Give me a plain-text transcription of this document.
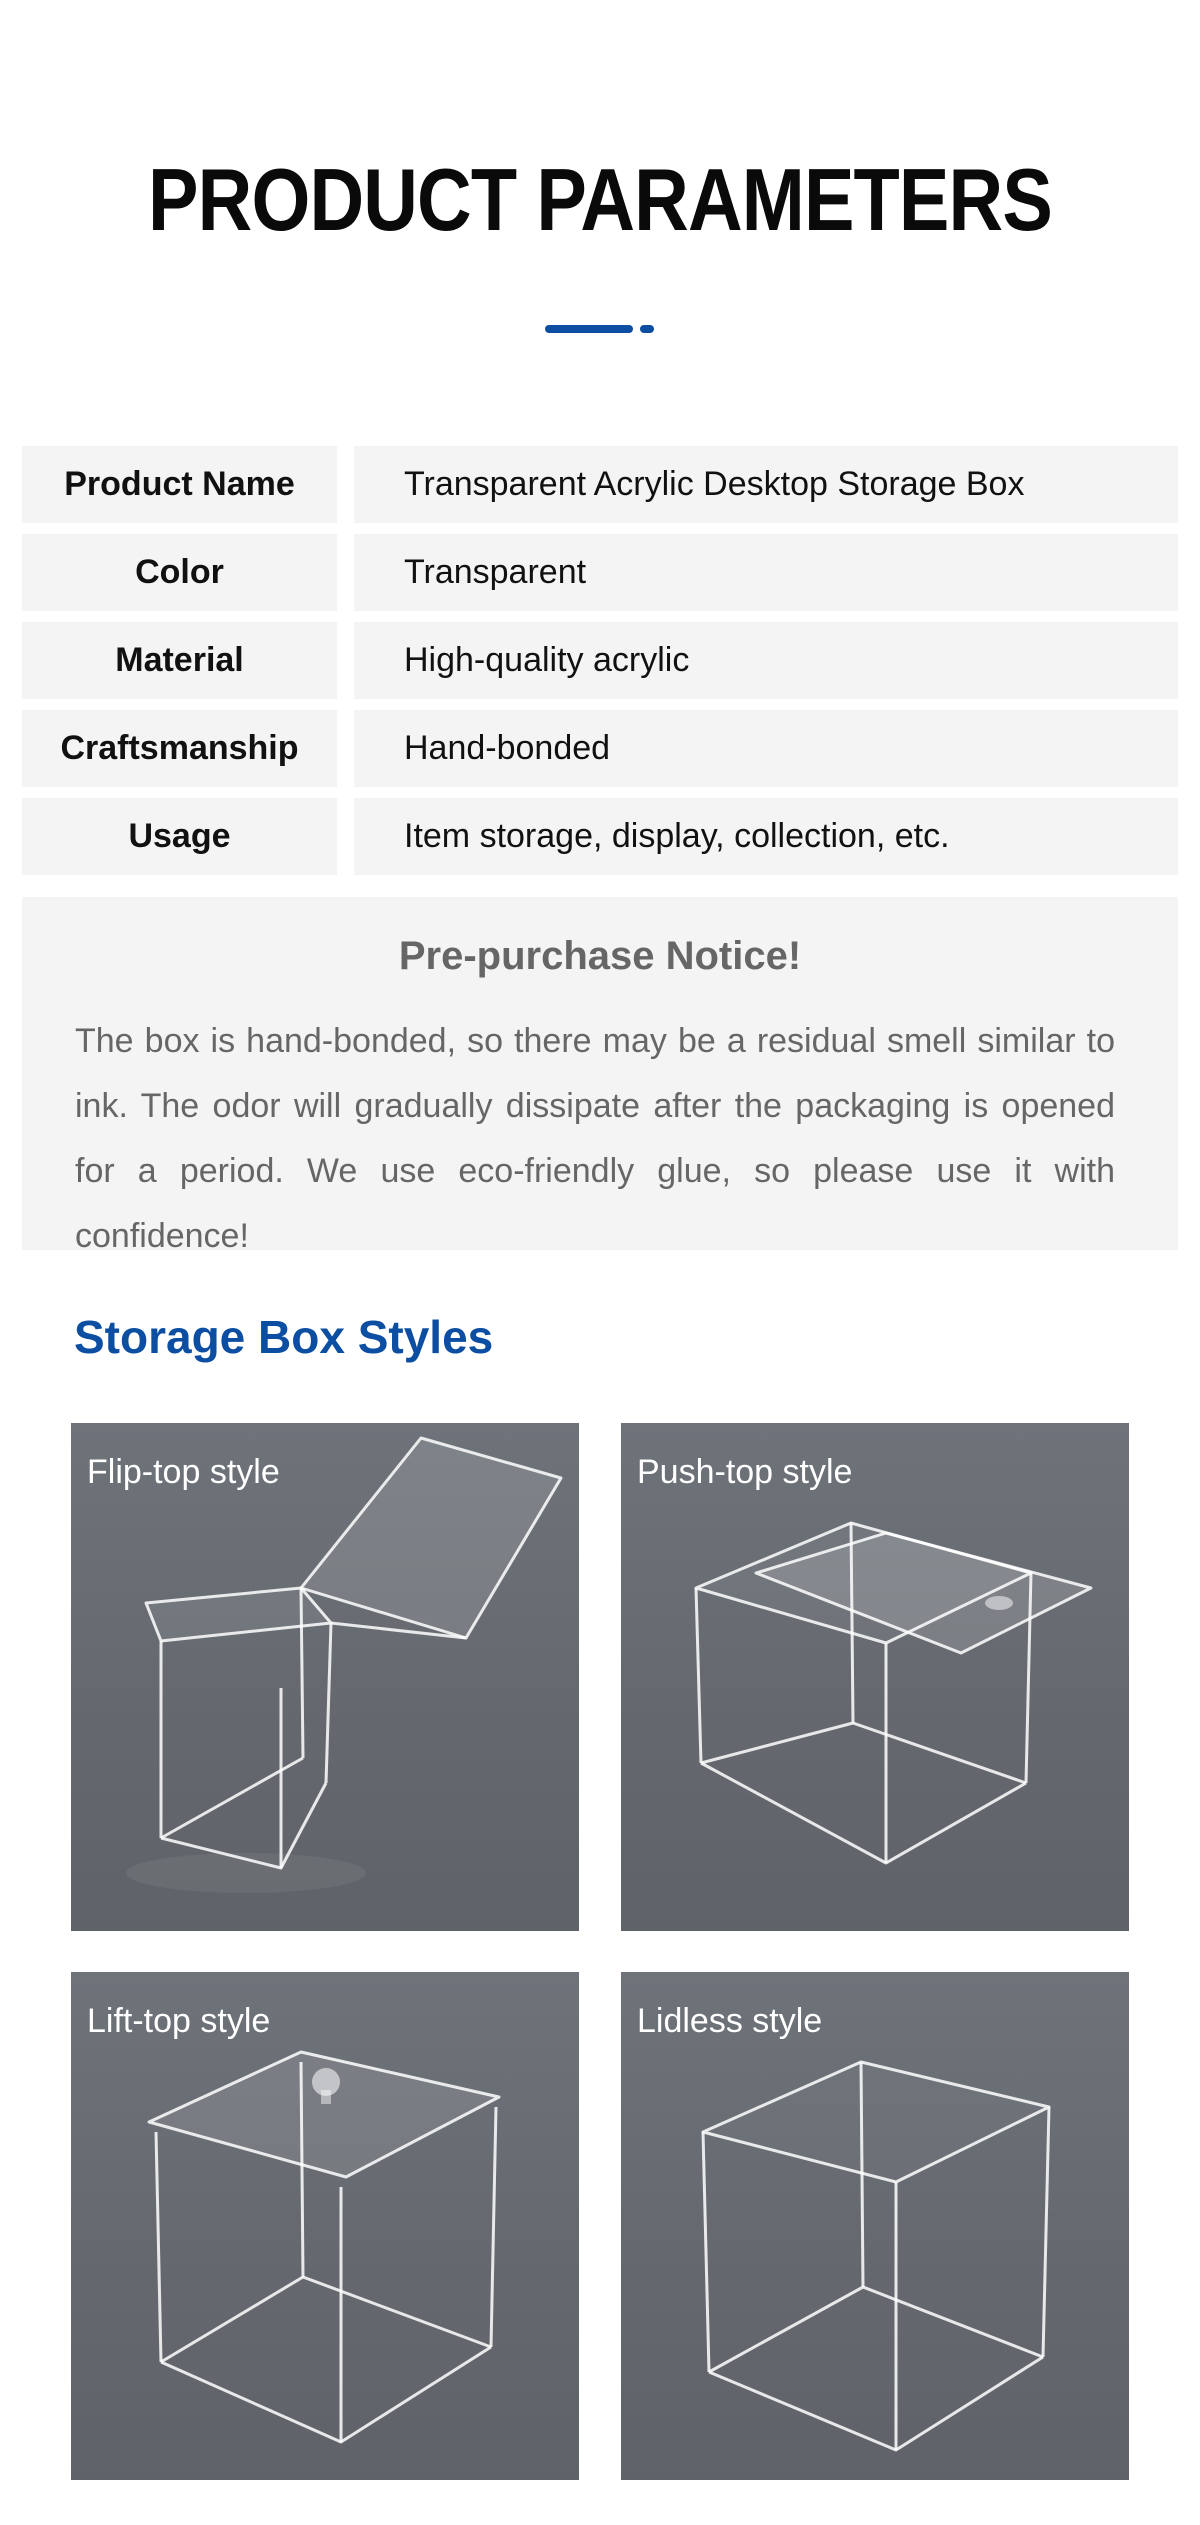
PRODUCT PARAMETERS
Product Name	Transparent Acrylic Desktop Storage Box
Color	Transparent
Material	High-quality acrylic
Craftsmanship	Hand-bonded
Usage	Item storage, display, collection, etc.
Pre-purchase Notice!
The box is hand-bonded, so there may be a residual smell similar to ink. The odor will gradually dissipate after the packaging is opened for a period. We use eco-friendly glue, so please use it with confidence!
Storage Box Styles
Flip-top style	Push-top style
Lift-top style	Lidless style
